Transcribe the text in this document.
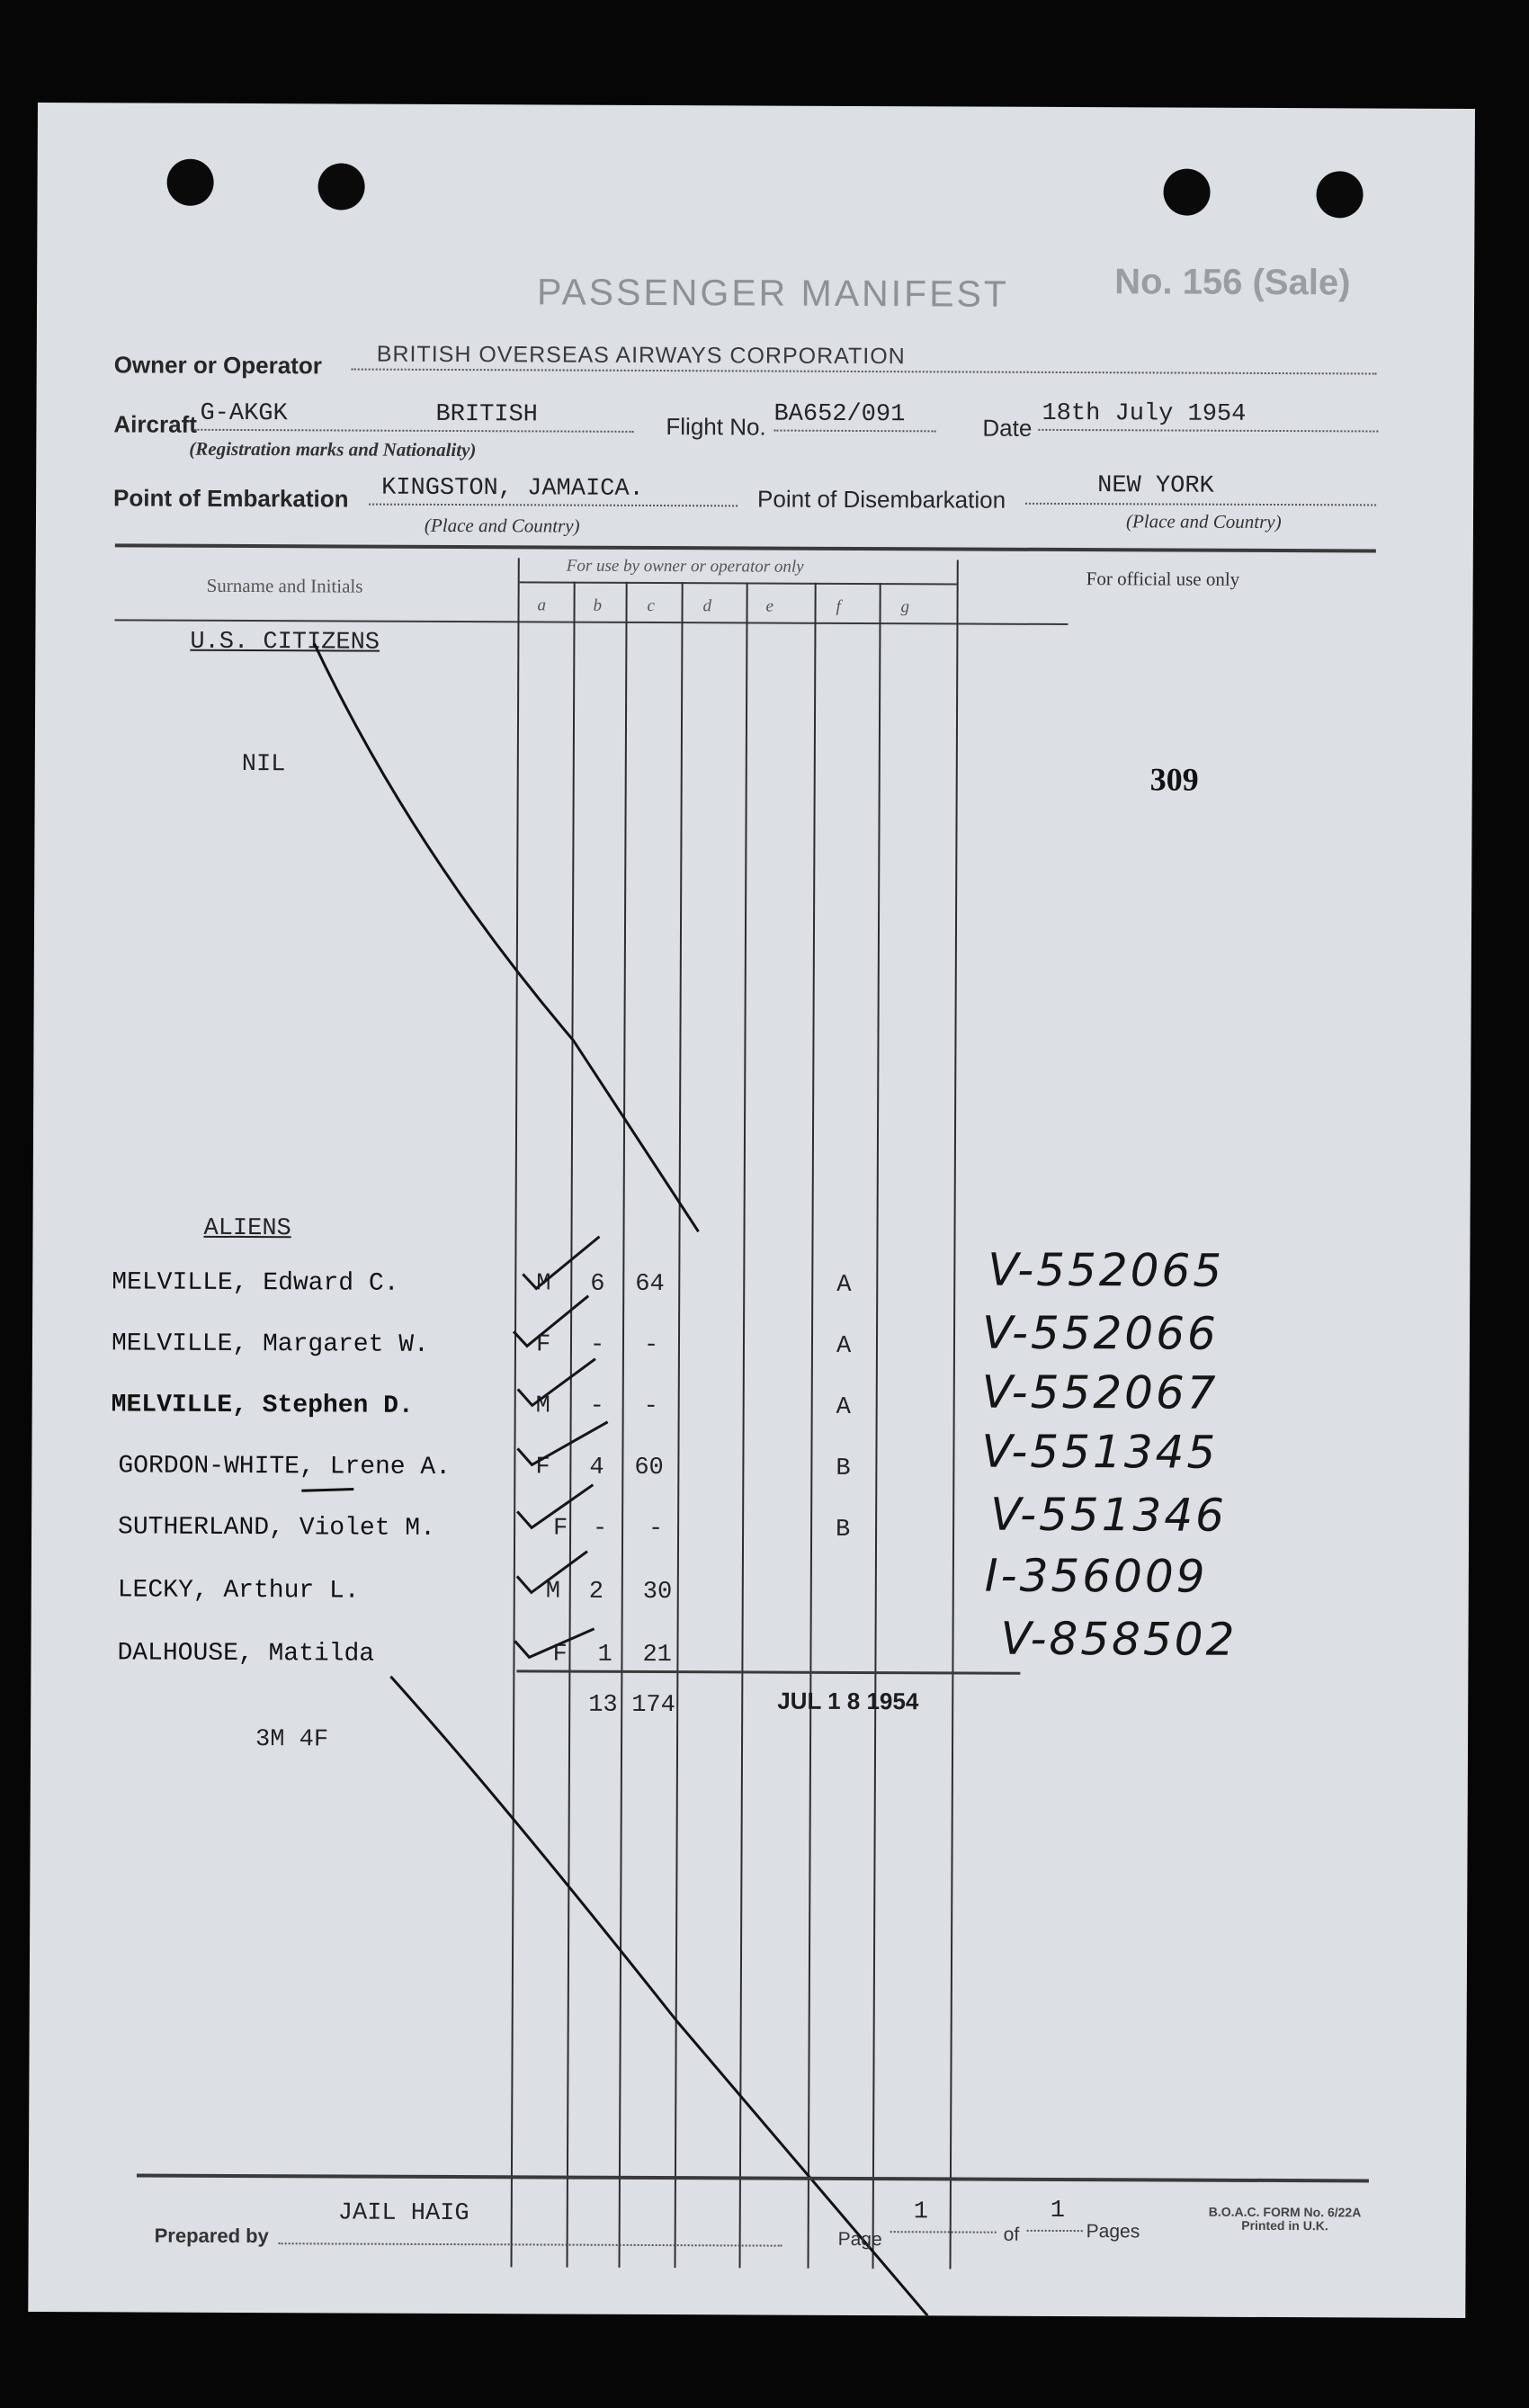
PASSENGER MANIFEST	No. 156 (Sale)
Owner or Operator BRITISH OVERSEAS AIRWAYS CORPORATION
Aircraft G-AKGK	BRITISH
(Registration marks and Nationality)
Flight No. BA652/091	Date 18th July 1954
Point of Embarkation KINGSTON, JAMAICA.
(Place and Country)
Point of Disembarkation	NEW YORK
(Place and Country)
Surname and Initials
For use by owner or operator only
For official use only
a	b	c	d	e	f	g
U.S. CITIZENS
NIL	309
ALIENS
MELVILLE, Edward C.	M 6 64	A	V-552065
MELVILLE, Margaret W.	F - -	A	V-552066
MELVILLE, Stephen D.	M - -	A	V-552067
GORDON-WHITE, Lrene A.	F 4 60	B	V-551345
SUTHERLAND, Violet M.	F - -	B	V-551346
LECKY, Arthur L.	M 2 30	I-356009
DALHOUSE, Matilda	F 1 21	V-858502
13 174	JUL 1 8 1954
3M 4F
Prepared by
JAIL HAIG
Page
1
of
1
Pages
B.O.A.C. FORM No. 6/22A
Printed in U.K.
